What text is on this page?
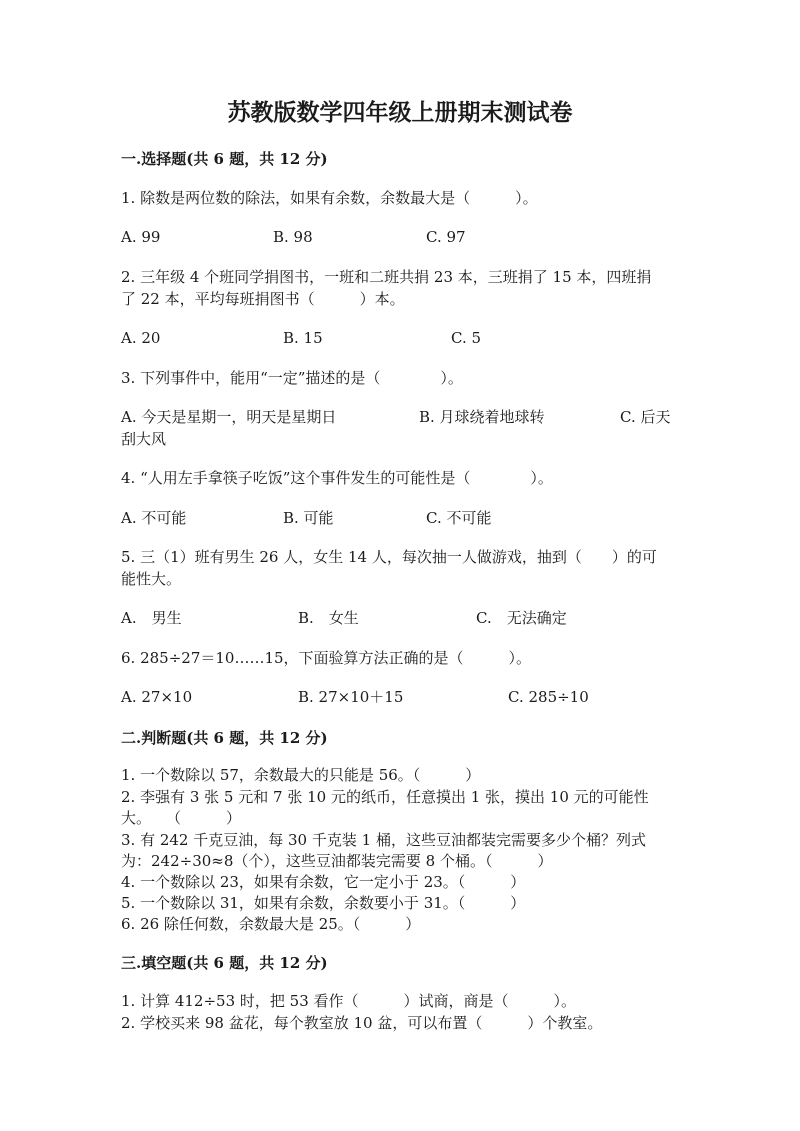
苏教版数学四年级上册期末测试卷
一.选择题(共 6 题，共 12 分)
1. 除数是两位数的除法，如果有余数，余数最大是（　　　）。
A. 99	B. 98	C. 97
2. 三年级 4 个班同学捐图书，一班和二班共捐 23 本，三班捐了 15 本，四班捐
了 22 本，平均每班捐图书（　　　）本。
A. 20	B. 15	C. 5
3. 下列事件中，能用“一定”描述的是（　　　　）。
A. 今天是星期一，明天是星期日	B. 月球绕着地球转	C. 后天
刮大风
4. “人用左手拿筷子吃饭”这个事件发生的可能性是（　　　　）。
A. 不可能	B. 可能	C. 不可能
5. 三（1）班有男生 26 人，女生 14 人，每次抽一人做游戏，抽到（　　）的可
能性大。
A.　男生	B.　女生	C.　无法确定
6. 285÷27＝10……15，下面验算方法正确的是（　　　）。
A. 27×10	B. 27×10＋15	C. 285÷10
二.判断题(共 6 题，共 12 分)
1. 一个数除以 57，余数最大的只能是 56。（　　　）
2. 李强有 3 张 5 元和 7 张 10 元的纸币，任意摸出 1 张，摸出 10 元的可能性
大。　　（　　　）
3. 有 242 千克豆油，每 30 千克装 1 桶，这些豆油都装完需要多少个桶？列式
为：242÷30≈8（个），这些豆油都装完需要 8 个桶。（　　　）
4. 一个数除以 23，如果有余数，它一定小于 23。（　　　）
5. 一个数除以 31，如果有余数，余数要小于 31。（　　　）
6. 26 除任何数，余数最大是 25。（　　　）
三.填空题(共 6 题，共 12 分)
1. 计算 412÷53 时，把 53 看作（　　　）试商，商是（　　　）。
2. 学校买来 98 盆花，每个教室放 10 盆，可以布置（　　　）个教室。
